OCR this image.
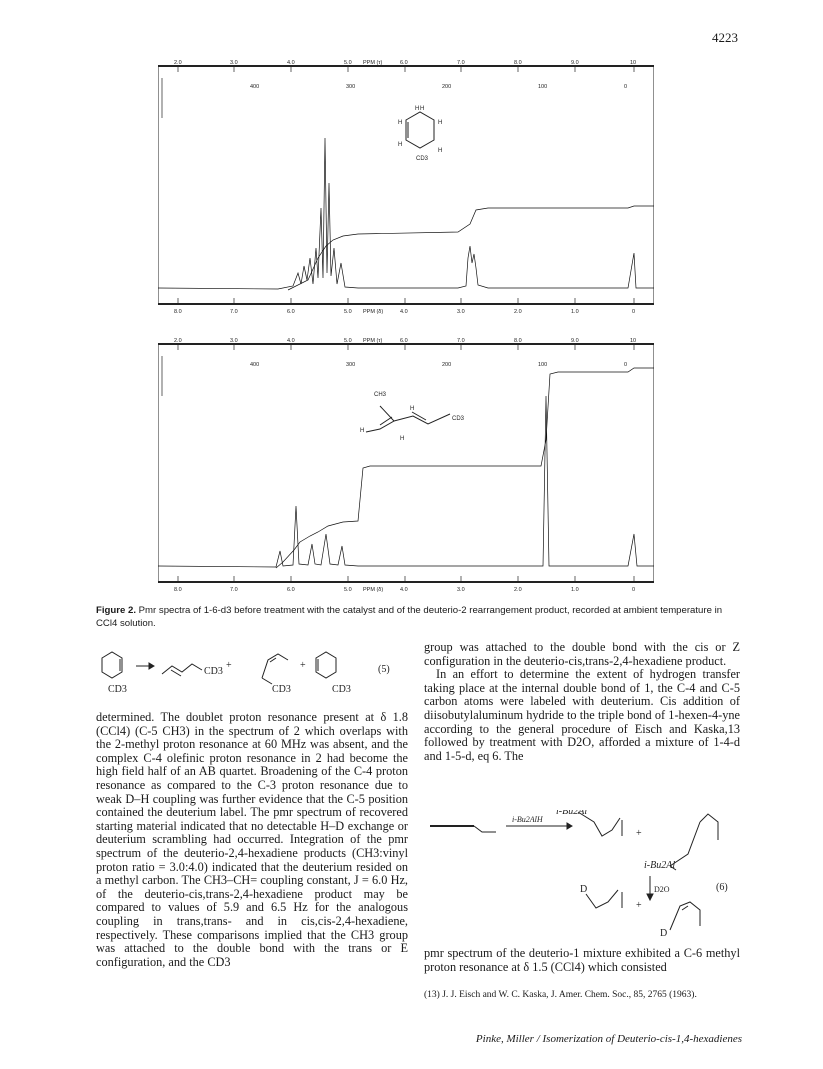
4223
2.0	3.0	4.0	5.0 PPM (τ)	6.0	7.0	8.0	9.0	10
400	300	200	100	0
8.0	7.0	6.0	5.0 PPM (δ)	4.0	3.0	2.0	1.0	0
H H
H	H
H
H
CD3
2.0	3.0	4.0	5.0 PPM (τ)	6.0	7.0	8.0	9.0	10
400	300	200	100	0
8.0	7.0	6.0	5.0 PPM (δ)	4.0	3.0	2.0	1.0	0
CH3
H
H
H
CD3
Figure 2. Pmr spectra of 1-6-d3 before treatment with the catalyst and of the deuterio-2 rearrangement product, recorded at ambient temperature in CCl4 solution.
CD3
CD3
+
CD3
+
CD3
(5)

determined. The doublet proton resonance present at δ 1.8 (CCl4) (C-5 CH3) in the spectrum of 2 which overlaps with the 2-methyl proton resonance at 60 MHz was absent, and the complex C-4 olefinic proton resonance in 2 had become the high field half of an AB quartet. Broadening of the C-4 proton resonance as compared to the C-3 proton resonance due to weak D–H coupling was further evidence that the C-5 position contained the deuterium label. The pmr spectrum of recovered starting material indicated that no detectable H–D exchange or deuterium scrambling had occurred. Integration of the pmr spectrum of the deuterio-2,4-hexadiene products (CH3:vinyl proton ratio = 3.0:4.0) indicated that the deuterium resided on a methyl carbon. The CH3–CH= coupling constant, J = 6.0 Hz, of the deuterio-cis,trans-2,4-hexadiene product may be compared to values of 5.9 and 6.5 Hz for the analogous coupling in trans,trans- and in cis,cis-2,4-hexadiene, respectively. These comparisons implied that the CH3 group was attached to the double bond with the trans or E configuration, and the CD3

group was attached to the double bond with the cis or Z configuration in the deuterio-cis,trans-2,4-hexadiene product.

In an effort to determine the extent of hydrogen transfer taking place at the internal double bond of 1, the C-4 and C-5 carbon atoms were labeled with deuterium. Cis addition of diisobutylaluminum hydride to the triple bond of 1-hexen-4-yne according to the general procedure of Eisch and Kaska,13 followed by treatment with D2O, afforded a mixture of 1-4-d and 1-5-d, eq 6. The

i-Bu2AlH
i-Bu2Al
i-Bu2Al
D2O
D
D
+
+
(6)

pmr spectrum of the deuterio-1 mixture exhibited a C-6 methyl proton resonance at δ 1.5 (CCl4) which consisted

(13) J. J. Eisch and W. C. Kaska, J. Amer. Chem. Soc., 85, 2765 (1963).
Pinke, Miller / Isomerization of Deuterio-cis-1,4-hexadienes
